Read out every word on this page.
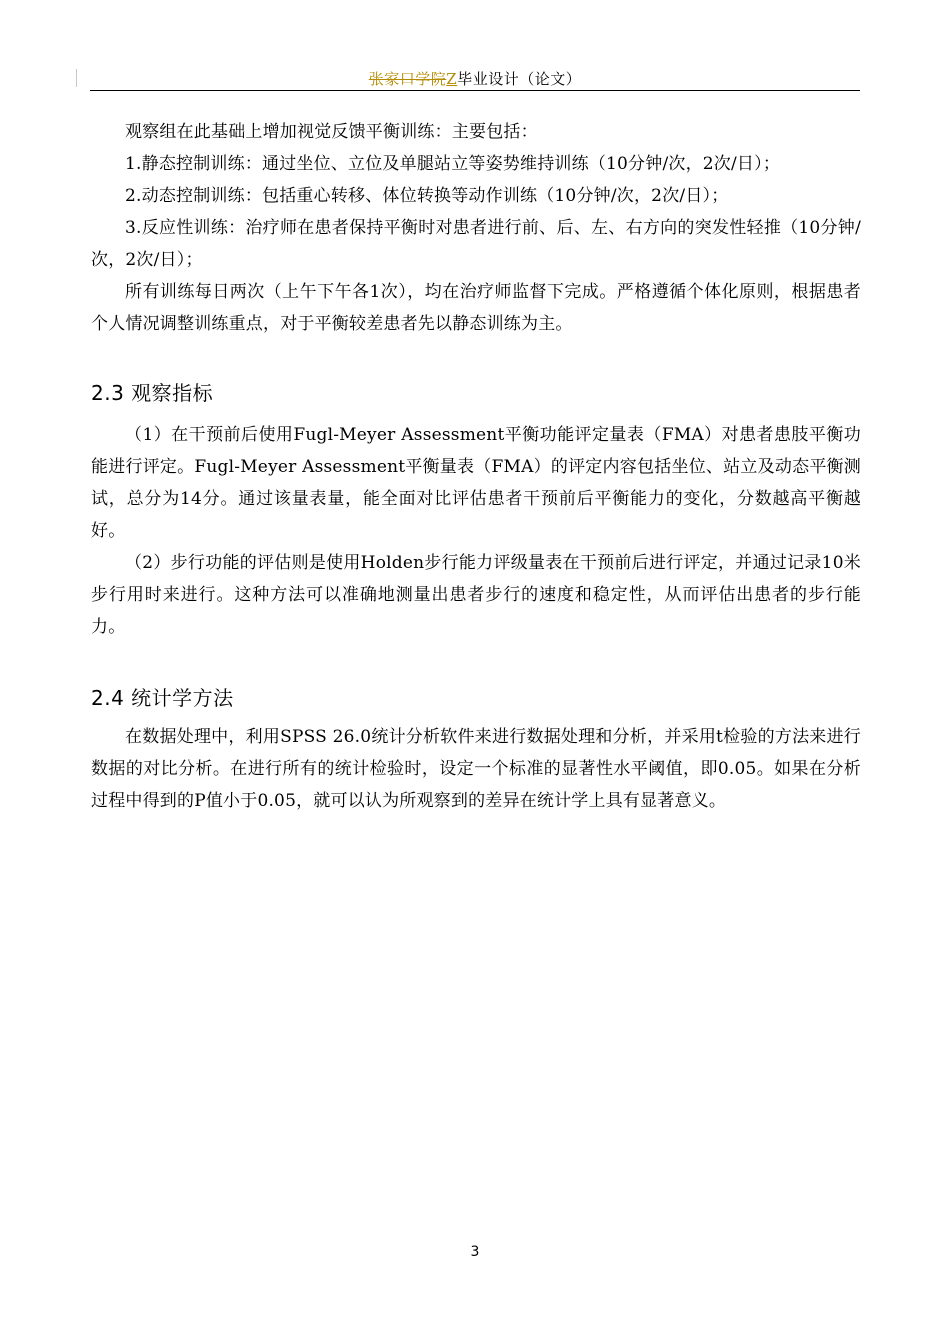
张家口学院Z毕业设计（论文）

观察组在此基础上增加视觉反馈平衡训练：主要包括：

1.静态控制训练：通过坐位、立位及单腿站立等姿势维持训练（10分钟/次，2次/日）；

2.动态控制训练：包括重心转移、体位转换等动作训练（10分钟/次，2次/日）；

3.反应性训练：治疗师在患者保持平衡时对患者进行前、后、左、右方向的突发性轻推（10分钟/次，2次/日）；

所有训练每日两次（上午下午各1次），均在治疗师监督下完成。严格遵循个体化原则，根据患者个人情况调整训练重点，对于平衡较差患者先以静态训练为主。

2.3 观察指标

（1）在干预前后使用Fugl-Meyer Assessment平衡功能评定量表（FMA）对患者患肢平衡功能进行评定。Fugl-Meyer Assessment平衡量表（FMA）的评定内容包括坐位、站立及动态平衡测试，总分为14分。通过该量表量，能全面对比评估患者干预前后平衡能力的变化，分数越高平衡越好。

（2）步行功能的评估则是使用Holden步行能力评级量表在干预前后进行评定，并通过记录10米步行用时来进行。这种方法可以准确地测量出患者步行的速度和稳定性，从而评估出患者的步行能力。

2.4 统计学方法

在数据处理中，利用SPSS 26.0统计分析软件来进行数据处理和分析，并采用t检验的方法来进行数据的对比分析。在进行所有的统计检验时，设定一个标准的显著性水平阈值，即0.05。如果在分析过程中得到的P值小于0.05，就可以认为所观察到的差异在统计学上具有显著意义。

3
